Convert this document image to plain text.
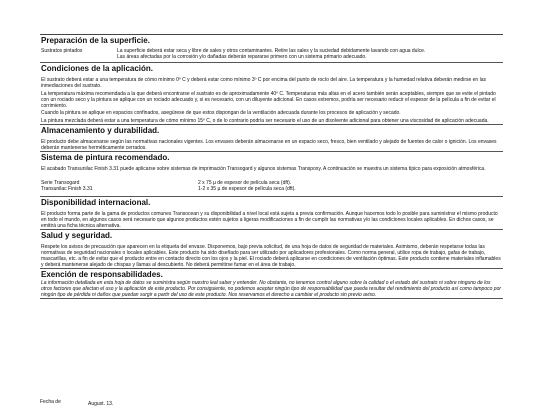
Preparación de la superficie.
Sustratos pintados	La superficie deberá estar seca y libre de sales y otros contaminantes. Retire las sales y la suciedad debidamente lavando con agua dulce.
Las áreas afectadas por la corrosión y/o dañadas deberán repararse primero con un sistema primario adecuado.
Condiciones de la aplicación.
El sustrato deberá estar a una temperatura de cómo mínimo 0º C y deberá estar como mínimo 3º C por encima del punto de rocío del aire. La temperatura y la humedad relativa deberán medirse en las inmediaciones del sustrato.
La temperatura máxima recomendada a la que deberá encontrarse el sustrato es de aproximadamente 40º C. Temperaturas más altas en el acero también serán aceptables, siempre que se evite el pintado con un rociado seco y la pintura se aplique con un rociado adecuado y, si es necesario, con un diluyente adicional. En casos extremos, podría ser necesario reducir el espesor de la película a fin de evitar el corrimiento.
Cuando la pintura se aplique en espacios confinados, asegúrese de que estos dispongan de la ventilación adecuada durante los procesos de aplicación y secado.
La pintura mezclada deberá estar a una temperatura de cómo mínimo 15º C, o de lo contrario podría ser necesario el uso de un disolvente adicional para obtener una viscosidad de aplicación adecuada.
Almacenamiento y durabilidad.
El producto debe almacenarse según las normativas nacionales vigentes. Los envases deberán almacenarse en un espacio seco, fresco, bien ventilado y alejado de fuentes de calor o ignición. Los envases deberán mantenerse herméticamente cerrados.
Sistema de pintura recomendado.
El acabado Transunilac Finish 3.31 puede aplicarse sobre sistemas de imprimación Transogard y algunos sistemas Transpoxy. A continuación se muestra un sistema típico para exposición atmosférica.
Serie Transogard	2 x 75 µ de espesor de película seca (dft).
Transunilac Finish 3.31	1-2 x 35 µ de espesor de película seca (dft).
Disponibilidad internacional.
El producto forma parte de la gama de productos comunes Transocean y su disponibilidad a nivel local está sujeta a previa confirmación. Aunque hacemos todo lo posible para suministrar el mismo producto en todo el mundo, en algunos casos será necesario que algunos productos estén sujetos a ligeras modificaciones a fin de cumplir las normativas y/o las condiciones locales aplicables. En dichos casos, se emitirá una ficha técnica alternativa.
Salud y seguridad.
Respete los avisos de precaución que aparecen en la etiqueta del envase. Disponemos, bajo previa solicitud, de una hoja de datos de seguridad de materiales. Asimismo, deberán respetarse todas las normativas de seguridad nacionales o locales aplicables. Este producto ha sido diseñado para ser utilizado por aplicadores profesionales. Como norma general, utilice ropa de trabajo, gafas de trabajo, mascarillas, etc. a fin de evitar que el producto entre en contacto directo con los ojos y la piel. El rociado deberá aplicarse en condiciones de ventilación óptimas. Este producto contiene materiales inflamables y deberá mantenerse alejado de chispas y llamas al descubierto. No deberá permitirse fumar en el área de trabajo.
Exención de responsabilidades.
La información detallada en esta hoja de datos se suministra según nuestro leal saber y entender. No obstante, no tenemos control alguno sobre la calidad o el estado del sustrato ni sobre ninguno de los otros factores que afectan el uso y la aplicación de este producto. Por consiguiente, no podemos aceptar ningún tipo de responsabilidad que pueda resultar del rendimiento del producto así como tampoco por ningún tipo de pérdida ni daños que puedan surgir a partir del uso de este producto. Nos reservamos el derecho a cambiar el producto sin previo aviso.
Fecha de	August. 13.
